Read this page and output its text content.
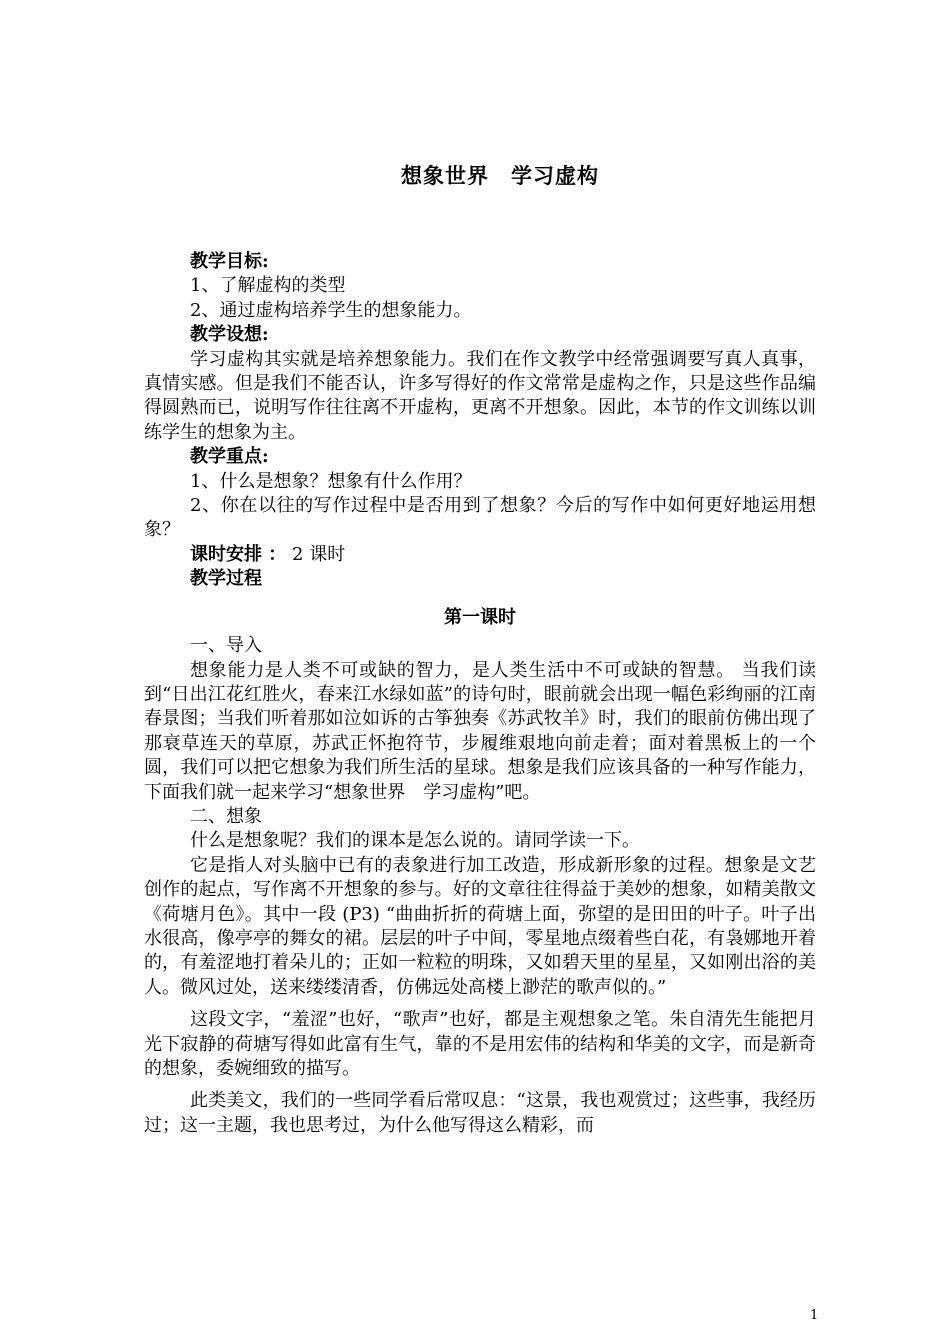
想象世界　学习虚构

教学目标:

1、了解虚构的类型

2、通过虚构培养学生的想象能力。

教学设想:

学习虚构其实就是培养想象能力。我们在作文教学中经常强调要写真人真事，真情实感。但是我们不能否认，许多写得好的作文常常是虚构之作，只是这些作品编得圆熟而已，说明写作往往离不开虚构，更离不开想象。因此，本节的作文训练以训练学生的想象为主。

教学重点:

1、什么是想象？想象有什么作用？

2、你在以往的写作过程中是否用到了想象？今后的写作中如何更好地运用想象？

课时安排 ： 2 课时

教学过程

第一课时

一、导入

想象能力是人类不可或缺的智力，是人类生活中不可或缺的智慧。 当我们读到“日出江花红胜火，春来江水绿如蓝”的诗句时，眼前就会出现一幅色彩绚丽的江南春景图；当我们听着那如泣如诉的古筝独奏《苏武牧羊》时，我们的眼前仿佛出现了那衰草连天的草原，苏武正怀抱符节，步履维艰地向前走着；面对着黑板上的一个圆，我们可以把它想象为我们所生活的星球。想象是我们应该具备的一种写作能力，下面我们就一起来学习“想象世界　学习虚构”吧。

二、想象

什么是想象呢？我们的课本是怎么说的。请同学读一下。

它是指人对头脑中已有的表象进行加工改造，形成新形象的过程。想象是文艺创作的起点，写作离不开想象的参与。好的文章往往得益于美妙的想象，如精美散文《荷塘月色》。其中一段 (P3) “曲曲折折的荷塘上面，弥望的是田田的叶子。叶子出水很高，像亭亭的舞女的裙。层层的叶子中间，零星地点缀着些白花，有袅娜地开着的，有羞涩地打着朵儿的；正如一粒粒的明珠，又如碧天里的星星，又如刚出浴的美人。微风过处，送来缕缕清香，仿佛远处高楼上渺茫的歌声似的。”

这段文字，“羞涩”也好，“歌声”也好，都是主观想象之笔。朱自清先生能把月光下寂静的荷塘写得如此富有生气，靠的不是用宏伟的结构和华美的文字，而是新奇的想象，委婉细致的描写。

此类美文，我们的一些同学看后常叹息：“这景，我也观赏过；这些事，我经历过；这一主题，我也思考过，为什么他写得这么精彩，而

1
